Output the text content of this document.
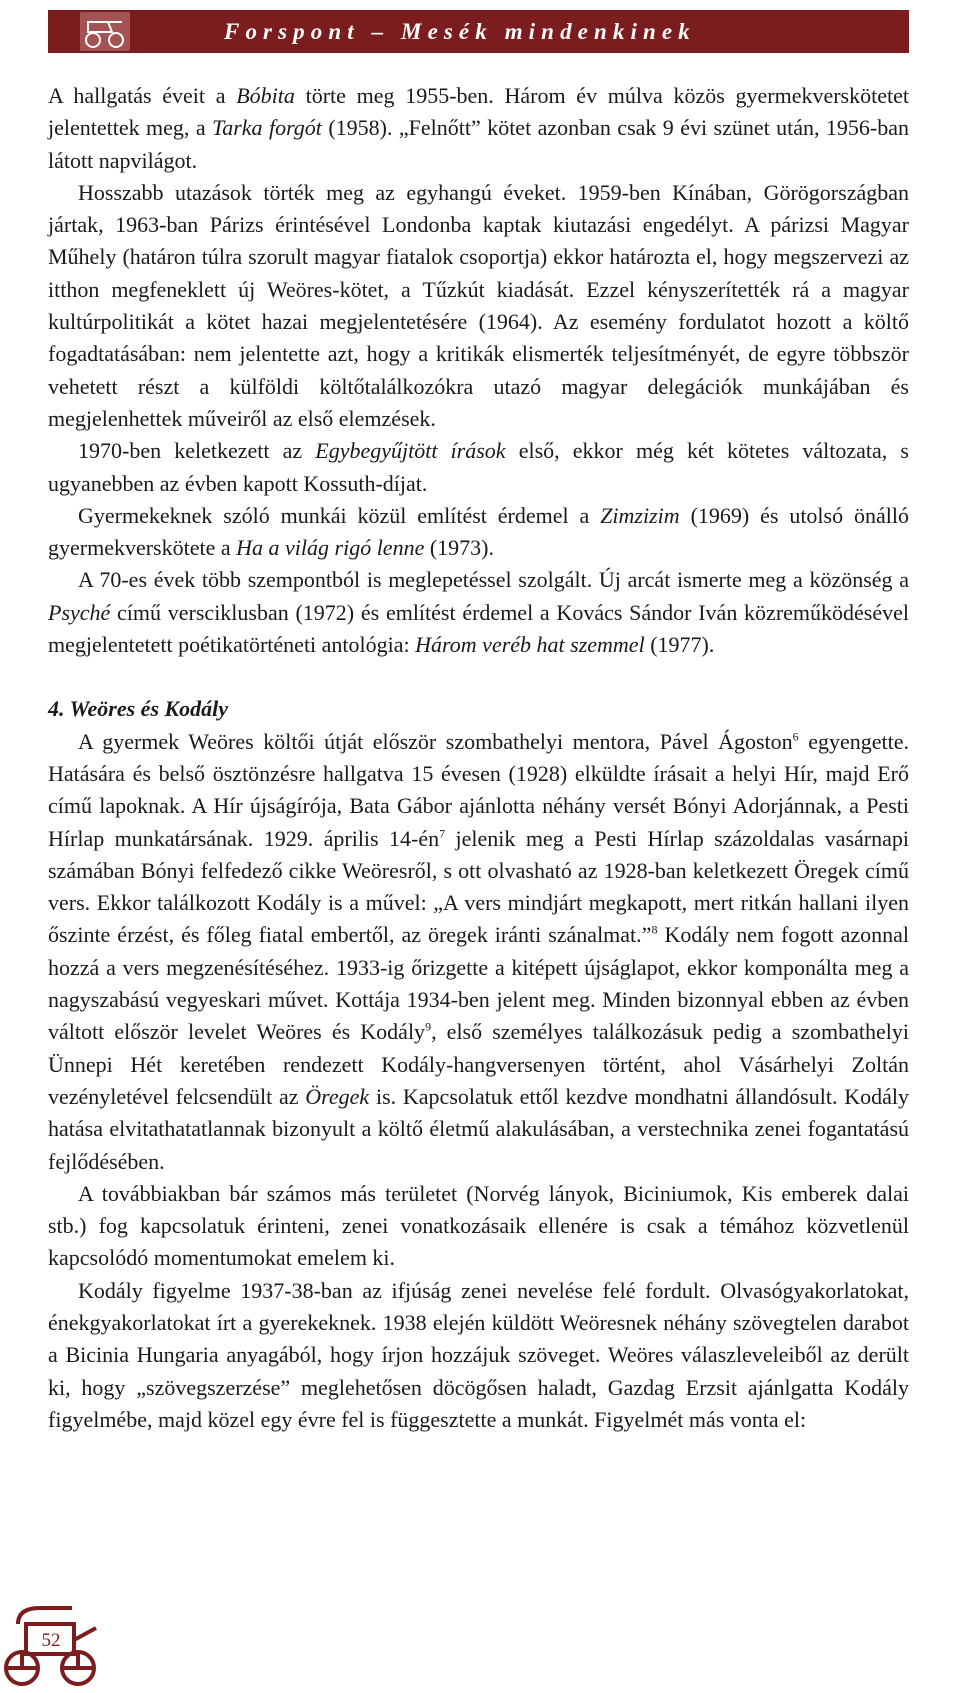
Forspont – Mesék mindenkinek

A hallgatás éveit a Bóbita törte meg 1955-ben. Három év múlva közös gyermekverskötetet jelentettek meg, a Tarka forgót (1958). „Felnőtt” kötet azonban csak 9 évi szünet után, 1956-ban látott napvilágot.

Hosszabb utazások törték meg az egyhangú éveket. 1959-ben Kínában, Görögországban jártak, 1963-ban Párizs érintésével Londonba kaptak kiutazási engedélyt. A párizsi Magyar Műhely (határon túlra szorult magyar fiatalok csoportja) ekkor határozta el, hogy megszervezi az itthon megfeneklett új Weöres-kötet, a Tűzkút kiadását. Ezzel kényszerítették rá a magyar kultúrpolitikát a kötet hazai megjelentetésére (1964). Az esemény fordulatot hozott a költő fogadtatásában: nem jelentette azt, hogy a kritikák elismerték teljesítményét, de egyre többször vehetett részt a külföldi költőtalálkozókra utazó magyar delegációk munkájában és megjelenhettek műveiről az első elemzések.

1970-ben keletkezett az Egybegyűjtött írások első, ekkor még két kötetes változata, s ugyanebben az évben kapott Kossuth-díjat.

Gyermekeknek szóló munkái közül említést érdemel a Zimzizim (1969) és utolsó önálló gyermekverskötete a Ha a világ rigó lenne (1973).

A 70-es évek több szempontból is meglepetéssel szolgált. Új arcát ismerte meg a közönség a Psyché című versciklusban (1972) és említést érdemel a Kovács Sándor Iván közreműködésével megjelentetett poétikatörténeti antológia: Három veréb hat szemmel (1977).

4. Weöres és Kodály

A gyermek Weöres költői útját először szombathelyi mentora, Pável Ágoston$^6$ egyengette. Hatására és belső ösztönzésre hallgatva 15 évesen (1928) elküldte írásait a helyi Hír, majd Erő című lapoknak. A Hír újságírója, Bata Gábor ajánlotta néhány versét Bónyi Adorjánnak, a Pesti Hírlap munkatársának. 1929. április $14-én^7$ jelenik meg a Pesti Hírlap százoldalas vasárnapi számában Bónyi felfedező cikke Weöresről, s ott olvasható az 1928-ban keletkezett Öregek című vers. Ekkor találkozott Kodály is a művel: „A vers mindjárt megkapott, mert ritkán hallani ilyen őszinte érzést, és főleg fiatal embertől, az öregek iránti szánalmat.”$^8$ Kodály nem fogott azonnal hozzá a vers megzenésítéséhez. 1933-ig őrizgette a kitépett újságlapot, ekkor komponálta meg a nagyszabású vegyeskari művet. Kottája 1934-ben jelent meg. Minden bizonnyal ebben az évben váltott először levelet Weöres és Kodály$^9$, első személyes találkozásuk pedig a szombathelyi Ünnepi Hét keretében rendezett Kodály-hangversenyen történt, ahol Vásárhelyi Zoltán vezényletével felcsendült az Öregek is. Kapcsolatuk ettől kezdve mondhatni állandósult. Kodály hatása elvitathatatlannak bizonyult a költő életmű alakulásában, a verstechnika zenei fogantatású fejlődésében.

A továbbiakban bár számos más területet (Norvég lányok, Biciniumok, Kis emberek dalai stb.) fog kapcsolatuk érinteni, zenei vonatkozásaik ellenére is csak a témához közvetlenül kapcsolódó momentumokat emelem ki.

Kodály figyelme 1937-38-ban az ifjúság zenei nevelése felé fordult. Olvasógyakorlatokat, énekgyakorlatokat írt a gyerekeknek. 1938 elején küldött Weöresnek néhány szövegtelen darabot a Bicinia Hungaria anyagából, hogy írjon hozzájuk szöveget. Weöres válaszleveleiből az derült ki, hogy „szövegszerzése” meglehetősen döcögősen haladt, Gazdag Erzsit ajánlgatta Kodály figyelmébe, majd közel egy évre fel is függesztette a munkát. Figyelmét más vonta el:

52
